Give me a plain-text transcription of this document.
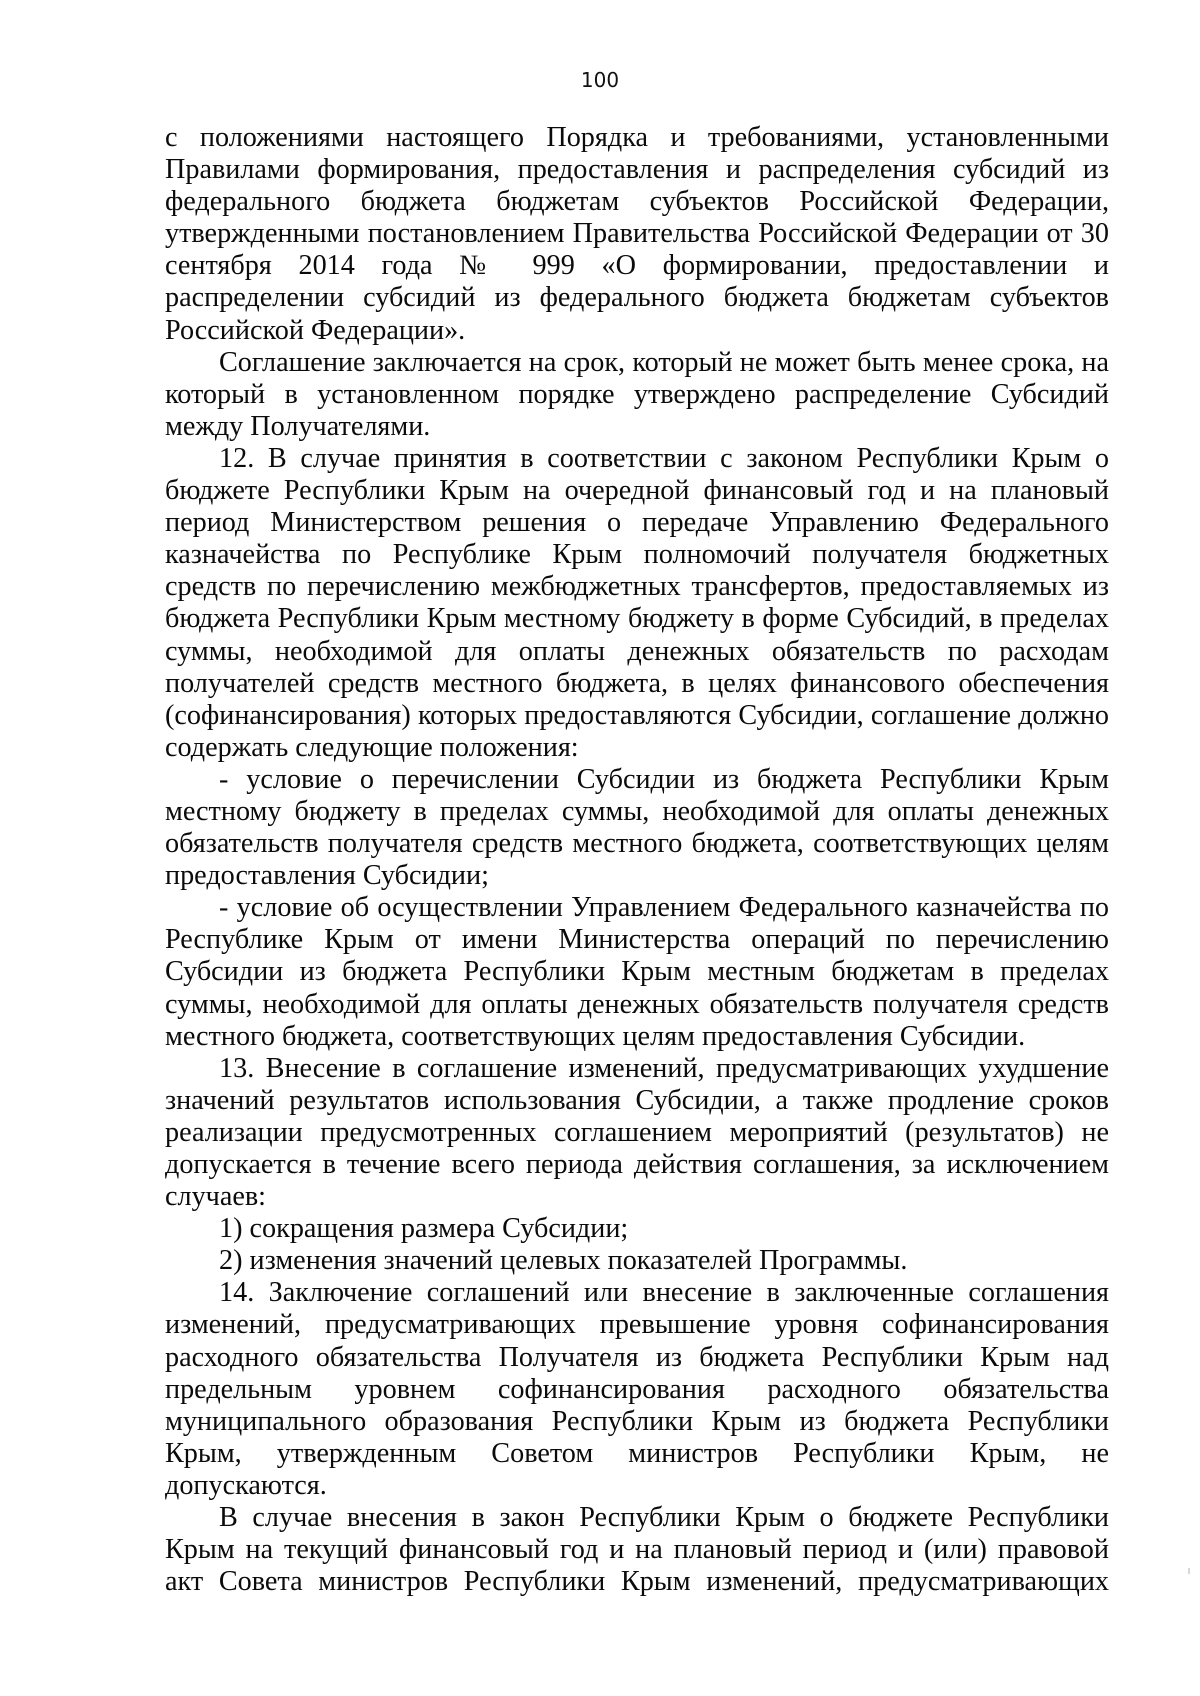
100

с положениями настоящего Порядка и требованиями, установленными Правилами формирования, предоставления и распределения субсидий из федерального бюджета бюджетам субъектов Российской Федерации, утвержденными постановлением Правительства Российской Федерации от 30 сентября 2014 года № 999 «О формировании, предоставлении и распределении субсидий из федерального бюджета бюджетам субъектов Российской Федерации».

Соглашение заключается на срок, который не может быть менее срока, на который в установленном порядке утверждено распределение Субсидий между Получателями.

12. В случае принятия в соответствии с законом Республики Крым о бюджете Республики Крым на очередной финансовый год и на плановый период Министерством решения о передаче Управлению Федерального казначейства по Республике Крым полномочий получателя бюджетных средств по перечислению межбюджетных трансфертов, предоставляемых из бюджета Республики Крым местному бюджету в форме Субсидий, в пределах суммы, необходимой для оплаты денежных обязательств по расходам получателей средств местного бюджета, в целях финансового обеспечения (софинансирования) которых предоставляются Субсидии, соглашение должно содержать следующие положения:

- условие о перечислении Субсидии из бюджета Республики Крым местному бюджету в пределах суммы, необходимой для оплаты денежных обязательств получателя средств местного бюджета, соответствующих целям предоставления Субсидии;

- условие об осуществлении Управлением Федерального казначейства по Республике Крым от имени Министерства операций по перечислению Субсидии из бюджета Республики Крым местным бюджетам в пределах суммы, необходимой для оплаты денежных обязательств получателя средств местного бюджета, соответствующих целям предоставления Субсидии.

13. Внесение в соглашение изменений, предусматривающих ухудшение значений результатов использования Субсидии, а также продление сроков реализации предусмотренных соглашением мероприятий (результатов) не допускается в течение всего периода действия соглашения, за исключением случаев:

1) сокращения размера Субсидии;

2) изменения значений целевых показателей Программы.

14. Заключение соглашений или внесение в заключенные соглашения изменений, предусматривающих превышение уровня софинансирования расходного обязательства Получателя из бюджета Республики Крым над предельным уровнем софинансирования расходного обязательства муниципального образования Республики Крым из бюджета Республики Крым, утвержденным Советом министров Республики Крым, не допускаются.

В случае внесения в закон Республики Крым о бюджете Республики Крым на текущий финансовый год и на плановый период и (или) правовой акт Совета министров Республики Крым изменений, предусматривающих
